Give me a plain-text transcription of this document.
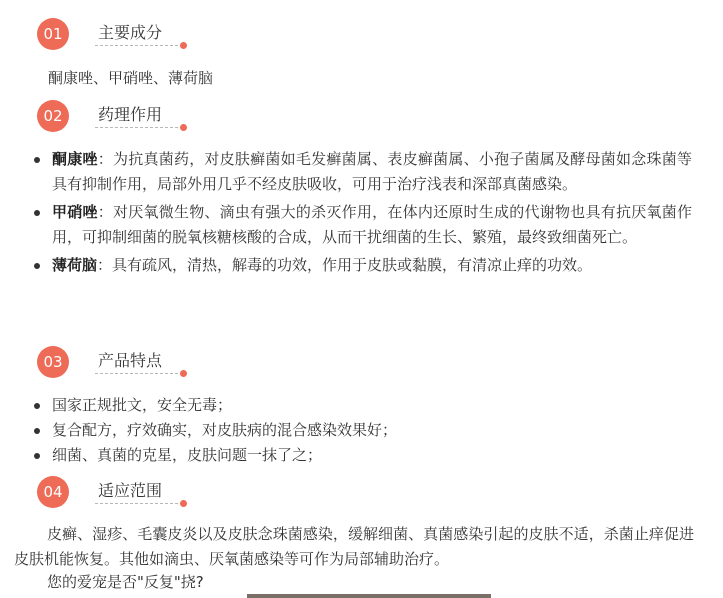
01	主要成分
酮康唑、甲硝唑、薄荷脑
02	药理作用
酮康唑：为抗真菌药，对皮肤癣菌如毛发癣菌属、表皮癣菌属、小孢子菌属及酵母菌如念珠菌等具有抑制作用，局部外用几乎不经皮肤吸收，可用于治疗浅表和深部真菌感染。
甲硝唑：对厌氧微生物、滴虫有强大的杀灭作用，在体内还原时生成的代谢物也具有抗厌氧菌作用，可抑制细菌的脱氧核糖核酸的合成，从而干扰细菌的生长、繁殖，最终致细菌死亡。
薄荷脑：具有疏风，清热，解毒的功效，作用于皮肤或黏膜，有清凉止痒的功效。
03	产品特点
国家正规批文，安全无毒；
复合配方，疗效确实，对皮肤病的混合感染效果好；
细菌、真菌的克星，皮肤问题一抹了之；
04	适应范围
皮癣、湿疹、毛囊皮炎以及皮肤念珠菌感染，缓解细菌、真菌感染引起的皮肤不适，杀菌止痒促进皮肤机能恢复。其他如滴虫、厌氧菌感染等可作为局部辅助治疗。
您的爱宠是否"反复"挠?
